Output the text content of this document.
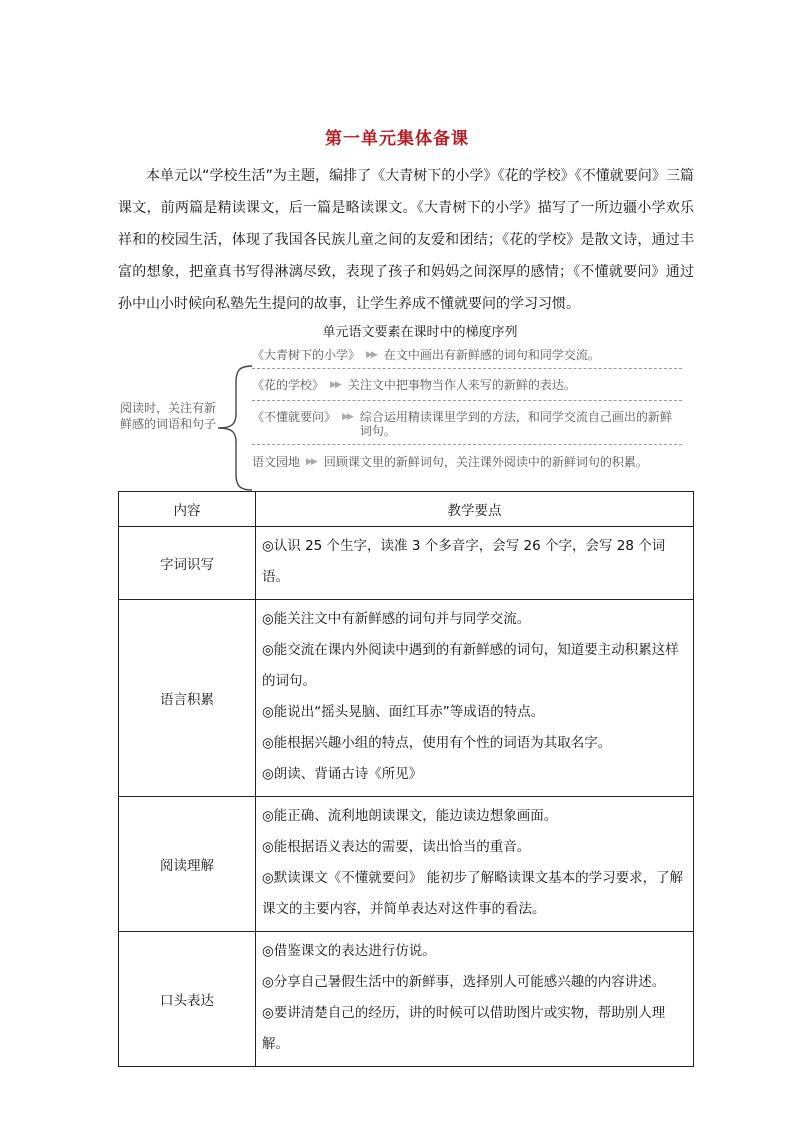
第一单元集体备课

本单元以“学校生活”为主题，编排了《大青树下的小学》《花的学校》《不懂就要问》三篇课文，前两篇是精读课文，后一篇是略读课文。《大青树下的小学》描写了一所边疆小学欢乐祥和的校园生活，体现了我国各民族儿童之间的友爱和团结；《花的学校》是散文诗，通过丰富的想象，把童真书写得淋漓尽致，表现了孩子和妈妈之间深厚的感情；《不懂就要问》通过孙中山小时候向私塾先生提问的故事，让学生养成不懂就要问的学习习惯。

单元语文要素在课时中的梯度序列
阅读时，关注有新鲜感的词语和句子
《大青树下的小学》 ▶▶ 在文中画出有新鲜感的词句和同学交流。
《花的学校》 ▶▶ 关注文中把事物当作人来写的新鲜的表达。
《不懂就要问》 ▶▶ 综合运用精读课里学到的方法，和同学交流自己画出的新鲜词句。
语文园地 ▶▶ 回顾课文里的新鲜词句，关注课外阅读中的新鲜词句的积累。
内容	教学要点
字词识写	◎认识 25 个生字，读准 3 个多音字，会写 26 个字，会写 28 个词语。

语言积累	◎能关注文中有新鲜感的词句并与同学交流。
◎能交流在课内外阅读中遇到的有新鲜感的词句，知道要主动积累这样的词句。
◎能说出“摇头晃脑、面红耳赤”等成语的特点。
◎能根据兴趣小组的特点，使用有个性的词语为其取名字。
◎朗读、背诵古诗《所见》

阅读理解	◎能正确、流利地朗读课文，能边读边想象画面。
◎能根据语义表达的需要，读出恰当的重音。
◎默读课文《不懂就要问》 能初步了解略读课文基本的学习要求，了解课文的主要内容，并简单表达对这件事的看法。

口头表达	◎借鉴课文的表达进行仿说。
◎分享自己暑假生活中的新鲜事，选择别人可能感兴趣的内容讲述。
◎要讲清楚自己的经历，讲的时候可以借助图片或实物，帮助别人理解。
